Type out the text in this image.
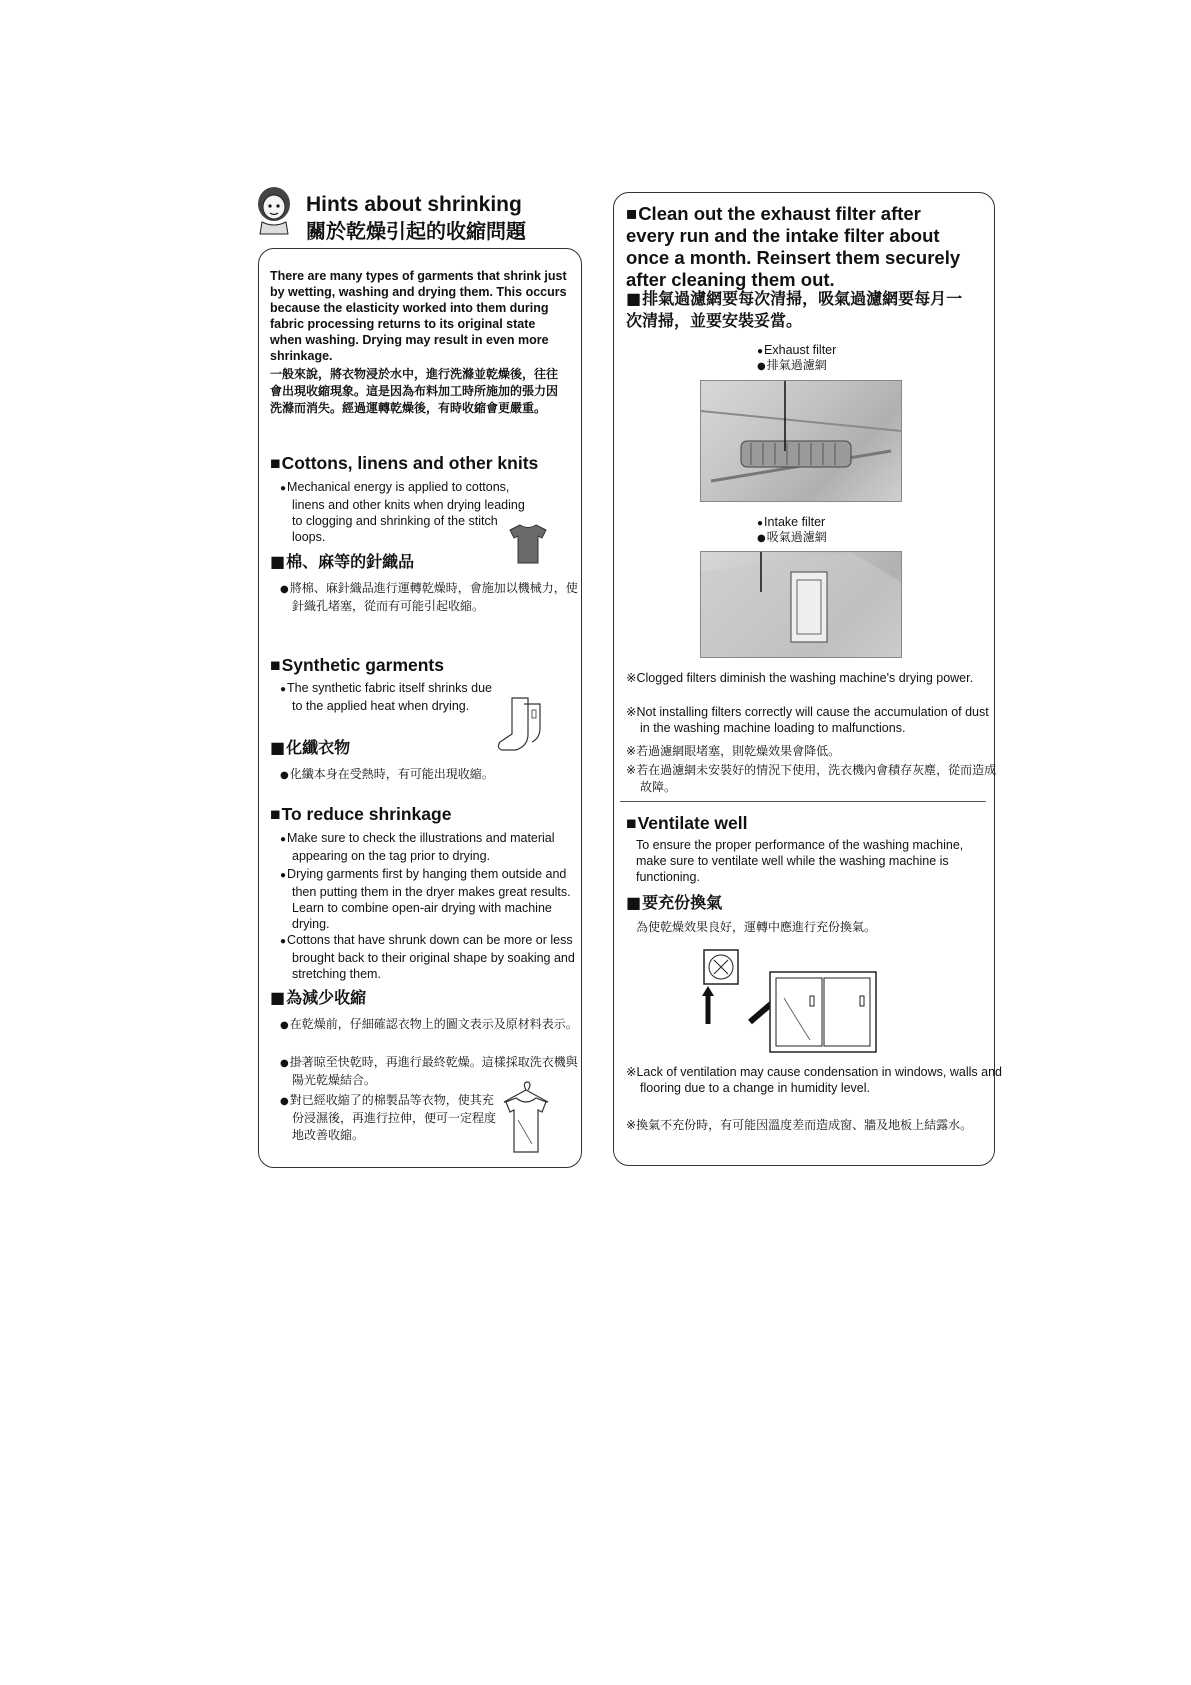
Hints about shrinking
關於乾燥引起的收縮問題
There are many types of garments that shrink just by wetting, washing and drying them. This occurs because the elasticity worked into them during fabric processing returns to its original state when washing. Drying may result in even more shrinkage.
一般來說，將衣物浸於水中，進行洗滌並乾燥後，往往會出現收縮現象。這是因為布料加工時所施加的張力因洗滌而消失。經過運轉乾燥後，有時收縮會更嚴重。
■ Cottons, linens and other knits
● Mechanical energy is applied to cottons, linens and other knits when drying leading to clogging and shrinking of the stitch loops.
■ 棉、麻等的針織品
● 將棉、麻針織品進行運轉乾燥時，會施加以機械力，使針織孔堵塞，從而有可能引起收縮。
■ Synthetic garments
● The synthetic fabric itself shrinks due to the applied heat when drying.
■ 化纖衣物
● 化纖本身在受熱時，有可能出現收縮。
■ To reduce shrinkage
● Make sure to check the illustrations and material appearing on the tag prior to drying.
● Drying garments first by hanging them outside and then putting them in the dryer makes great results. Learn to combine open-air drying with machine drying.
● Cottons that have shrunk down can be more or less brought back to their original shape by soaking and stretching them.
■ 為減少收縮
● 在乾燥前，仔細確認衣物上的圖文表示及原材料表示。
● 掛著晾至快乾時，再進行最終乾燥。這樣採取洗衣機與陽光乾燥結合。
● 對已經收縮了的棉製品等衣物，使其充份浸濕後，再進行拉伸，便可一定程度地改善收縮。
■ Clean out the exhaust filter after every run and the intake filter about once a month. Reinsert them securely after cleaning them out.
■ 排氣過濾網要每次清掃，吸氣過濾網要每月一次清掃，並要安裝妥當。
● Exhaust filter
● 排氣過濾網
● Intake filter
● 吸氣過濾網
※Clogged filters diminish the washing machine's drying power.
※Not installing filters correctly will cause the accumulation of dust in the washing machine loading to malfunctions.
※若過濾網眼堵塞，則乾燥效果會降低。
※若在過濾網未安裝好的情況下使用，洗衣機內會積存灰塵，從而造成故障。
■ Ventilate well
To ensure the proper performance of the washing machine, make sure to ventilate well while the washing machine is functioning.
■ 要充份換氣
為使乾燥效果良好，運轉中應進行充份換氣。
※Lack of ventilation may cause condensation in windows, walls and flooring due to a change in humidity level.
※換氣不充份時，有可能因溫度差而造成窗、牆及地板上結露水。
